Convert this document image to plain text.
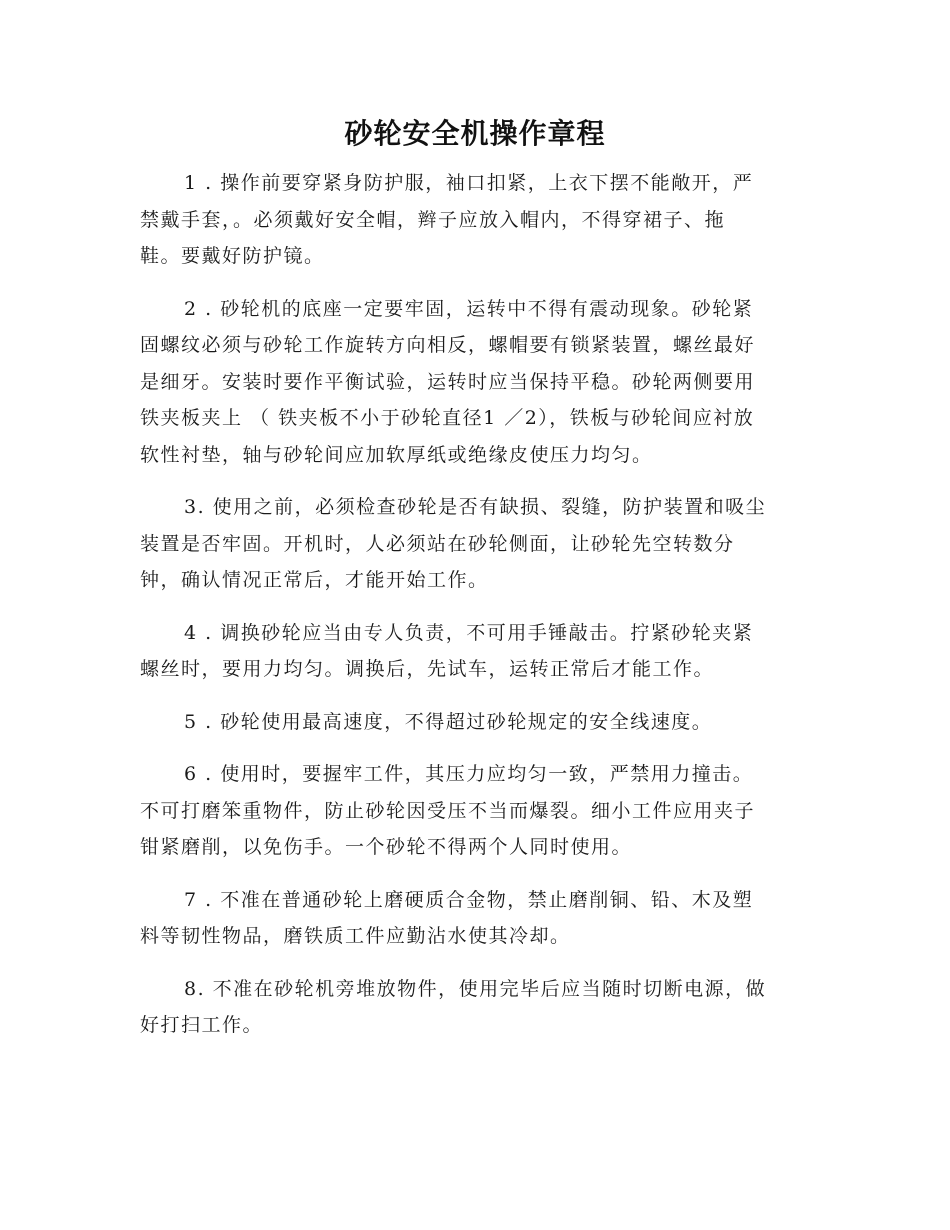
砂轮安全机操作章程
1 . 操作前要穿紧身防护服，袖口扣紧，上衣下摆不能敞开，严
禁戴手套，。必须戴好安全帽，辫子应放入帽内，不得穿裙子、拖
鞋。要戴好防护镜。
2 . 砂轮机的底座一定要牢固，运转中不得有震动现象。砂轮紧
固螺纹必须与砂轮工作旋转方向相反，螺帽要有锁紧装置，螺丝最好
是细牙。安装时要作平衡试验，运转时应当保持平稳。砂轮两侧要用
铁夹板夹上 （ 铁夹板不小于砂轮直径1 ／2），铁板与砂轮间应衬放
软性衬垫，轴与砂轮间应加软厚纸或绝缘皮使压力均匀。
3. 使用之前，必须检查砂轮是否有缺损、裂缝，防护装置和吸尘
装置是否牢固。开机时，人必须站在砂轮侧面，让砂轮先空转数分
钟，确认情况正常后，才能开始工作。
4 . 调换砂轮应当由专人负责，不可用手锤敲击。拧紧砂轮夹紧
螺丝时，要用力均匀。调换后，先试车，运转正常后才能工作。
5 . 砂轮使用最高速度，不得超过砂轮规定的安全线速度。
6 . 使用时，要握牢工件，其压力应均匀一致，严禁用力撞击。
不可打磨笨重物件，防止砂轮因受压不当而爆裂。细小工件应用夹子
钳紧磨削，以免伤手。一个砂轮不得两个人同时使用。
7 . 不准在普通砂轮上磨硬质合金物，禁止磨削铜、铅、木及塑
料等韧性物品，磨铁质工件应勤沾水使其冷却。
8. 不准在砂轮机旁堆放物件，使用完毕后应当随时切断电源，做
好打扫工作。
